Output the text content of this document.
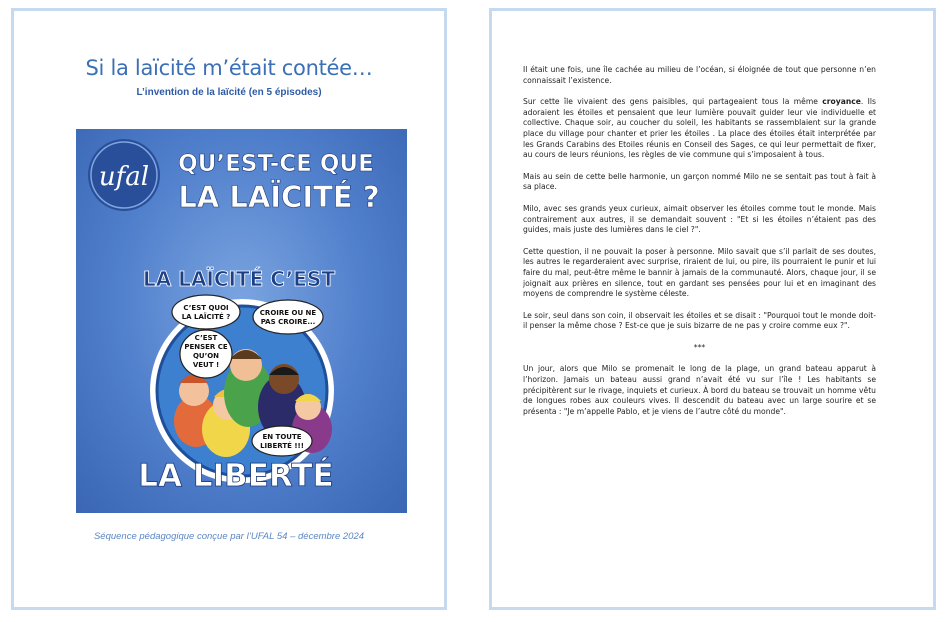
Si la laïcité m’était contée…
L’invention de la laïcité (en 5 épisodes)
ufal QU’EST-CE QUE
LA LAÏCITÉ ?
LA LAÏCITÉ C’EST
C’EST QUOI
LA LAÏCITÉ ?	CROIRE OU NE
PAS CROIRE...
C’EST
PENSER CE
QU’ON
VEUT !
EN TOUTE
LIBERTÉ !!!
LA LIBERTÉ
Séquence pédagogique conçue par l’UFAL 54 – décembre 2024

Il était une fois, une île cachée au milieu de l’océan, si éloignée de tout que personne n’en connaissait l’existence.

Sur cette île vivaient des gens paisibles, qui partageaient tous la même croyance. Ils adoraient les étoiles et pensaient que leur lumière pouvait guider leur vie individuelle et collective. Chaque soir, au coucher du soleil, les habitants se rassemblaient sur la grande place du village pour chanter et prier les étoiles . La place des étoiles était interprétée par les Grands Carabins des Etoiles réunis en Conseil des Sages, ce qui leur permettait de fixer, au cours de leurs réunions, les règles de vie commune qui s’imposaient à tous.

Mais au sein de cette belle harmonie, un garçon nommé Milo ne se sentait pas tout à fait à sa place.

Milo, avec ses grands yeux curieux, aimait observer les étoiles comme tout le monde. Mais contrairement aux autres, il se demandait souvent : "Et si les étoiles n’étaient pas des guides, mais juste des lumières dans le ciel ?".

Cette question, il ne pouvait la poser à personne. Milo savait que s’il parlait de ses doutes, les autres le regarderaient avec surprise, riraient de lui, ou pire, ils pourraient le punir et lui faire du mal, peut-être même le bannir à jamais de la communauté. Alors, chaque jour, il se joignait aux prières en silence, tout en gardant ses pensées pour lui et en imaginant des moyens de comprendre le système céleste.

Le soir, seul dans son coin, il observait les étoiles et se disait : "Pourquoi tout le monde doit-il penser la même chose ? Est-ce que je suis bizarre de ne pas y croire comme eux ?".

***

Un jour, alors que Milo se promenait le long de la plage, un grand bateau apparut à l’horizon. Jamais un bateau aussi grand n’avait été vu sur l’île ! Les habitants se précipitèrent sur le rivage, inquiets et curieux. À bord du bateau se trouvait un homme vêtu de longues robes aux couleurs vives. Il descendit du bateau avec un large sourire et se présenta : "Je m’appelle Pablo, et je viens de l’autre côté du monde".
